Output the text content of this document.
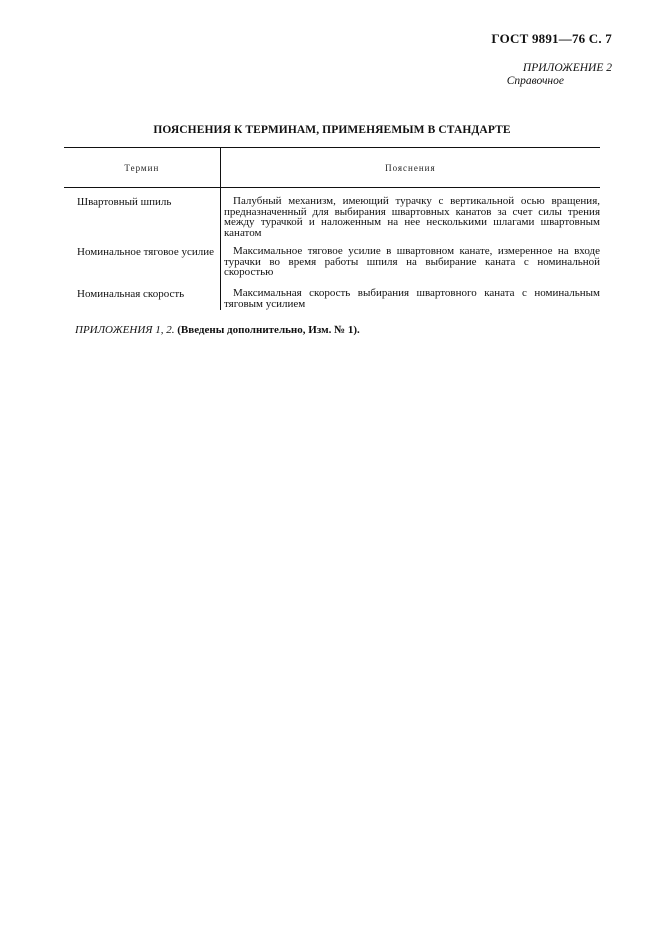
ГОСТ 9891—76 С. 7
ПРИЛОЖЕНИЕ 2
Справочное
ПОЯСНЕНИЯ К ТЕРМИНАМ, ПРИМЕНЯЕМЫМ В СТАНДАРТЕ
Термин	Пояснения
Швартовный шпиль	Палубный механизм, имеющий турачку с вертикальной осью вращения, предназначенный для выбирания швартовных канатов за счет силы трения между турачкой и наложенным на нее несколькими шлагами швартовным канатом
Номинальное тяговое усилие	Максимальное тяговое усилие в швартовном канате, измеренное на входе турачки во время работы шпиля на выбирание каната с номинальной скоростью
Номинальная скорость	Максимальная скорость выбирания швартовного каната с номинальным тяговым усилием
ПРИЛОЖЕНИЯ 1, 2. (Введены дополнительно, Изм. № 1).
